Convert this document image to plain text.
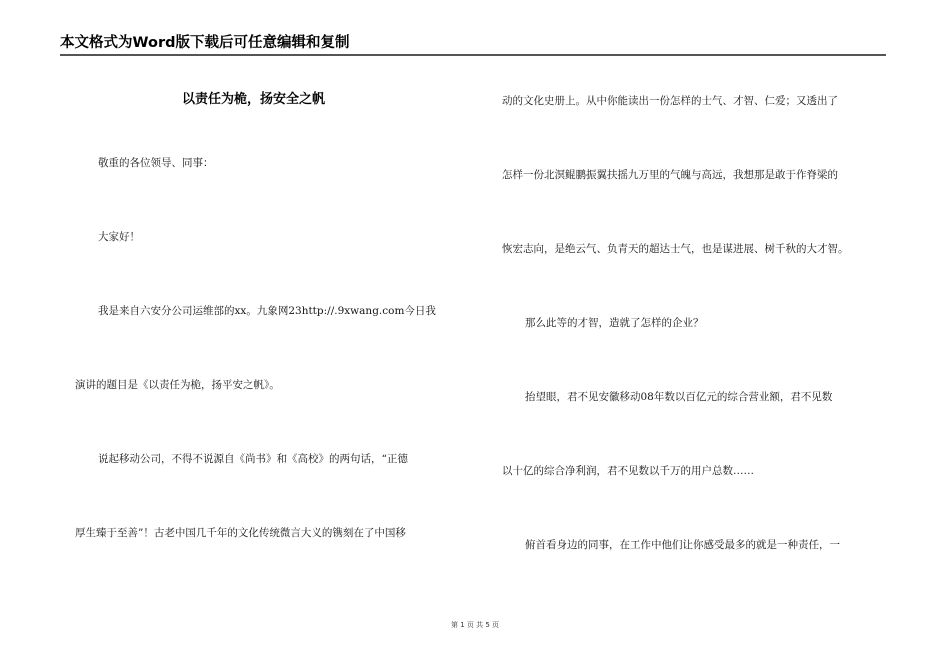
本文格式为Word版下载后可任意编辑和复制
以责任为桅，扬安全之帆
敬重的各位领导、同事：
大家好！
我是来自六安分公司运维部的xx。九象网23http://.9xwang.com今日我
演讲的题目是《以责任为桅，扬平安之帆》。
说起移动公司，不得不说源自《尚书》和《高校》的两句话，“正德
厚生臻于至善”！古老中国几千年的文化传统微言大义的镌刻在了中国移
动的文化史册上。从中你能读出一份怎样的士气、才智、仁爱；又透出了
怎样一份北溟鲲鹏振翼扶摇九万里的气魄与高远，我想那是敢于作脊梁的
恢宏志向，是绝云气、负青天的超达士气，也是谋进展、树千秋的大才智。
那么此等的才智，造就了怎样的企业？
抬望眼，君不见安徽移动08年数以百亿元的综合营业额，君不见数
以十亿的综合净利润，君不见数以千万的用户总数……
俯首看身边的同事，在工作中他们让你感受最多的就是一种责任，一
第 1 页 共 5 页
